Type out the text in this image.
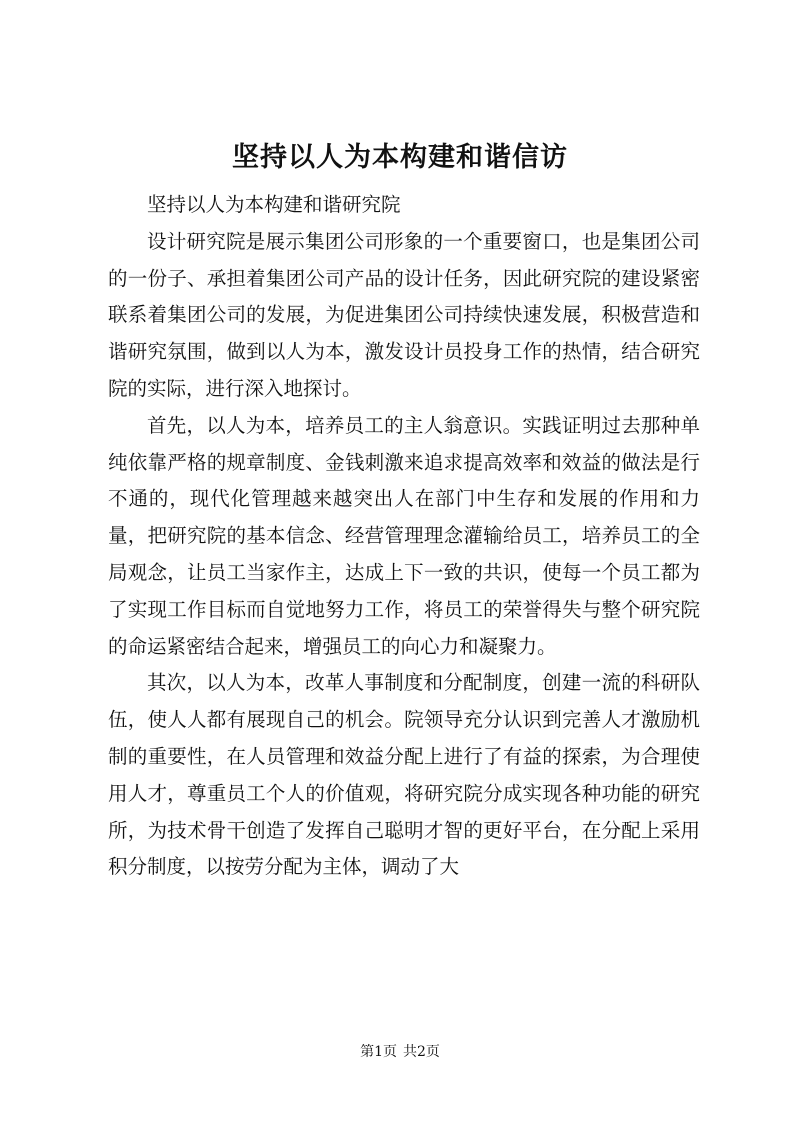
坚持以人为本构建和谐信访

坚持以人为本构建和谐研究院

设计研究院是展示集团公司形象的一个重要窗口，也是集团公司的一份子、承担着集团公司产品的设计任务，因此研究院的建设紧密联系着集团公司的发展，为促进集团公司持续快速发展，积极营造和谐研究氛围，做到以人为本，激发设计员投身工作的热情，结合研究院的实际，进行深入地探讨。

首先，以人为本，培养员工的主人翁意识。实践证明过去那种单纯依靠严格的规章制度、金钱刺激来追求提高效率和效益的做法是行不通的，现代化管理越来越突出人在部门中生存和发展的作用和力量，把研究院的基本信念、经营管理理念灌输给员工，培养员工的全局观念，让员工当家作主，达成上下一致的共识，使每一个员工都为了实现工作目标而自觉地努力工作，将员工的荣誉得失与整个研究院的命运紧密结合起来，增强员工的向心力和凝聚力。

其次，以人为本，改革人事制度和分配制度，创建一流的科研队伍，使人人都有展现自己的机会。院领导充分认识到完善人才激励机制的重要性，在人员管理和效益分配上进行了有益的探索，为合理使用人才，尊重员工个人的价值观，将研究院分成实现各种功能的研究所，为技术骨干创造了发挥自己聪明才智的更好平台，在分配上采用积分制度，以按劳分配为主体，调动了大

第1页 共2页
